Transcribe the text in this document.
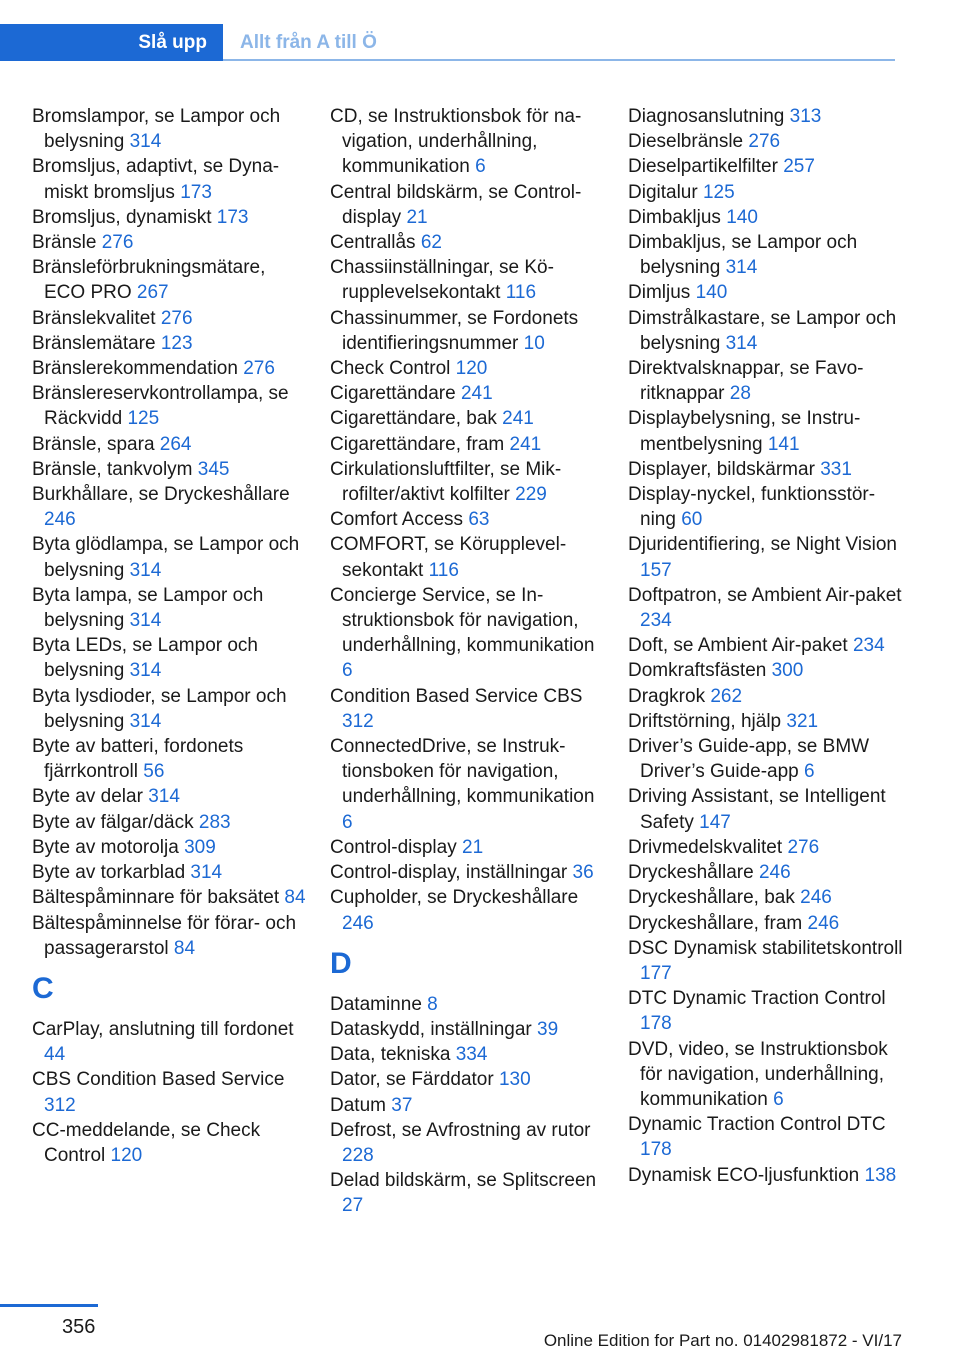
Slå upp	Allt från A till Ö
Bromslampor, se Lampor och belysning 314
Bromsljus, adaptivt, se Dynamiskt bromsljus 173
Bromsljus, dynamiskt 173
Bränsle 276
Bränsleförbrukningsmätare, ECO PRO 267
Bränslekvalitet 276
Bränslemätare 123
Bränslerekommendation 276
Bränslereservkontrollampa, se Räckvidd 125
Bränsle, spara 264
Bränsle, tankvolym 345
Burkhållare, se Dryckeshållare 246
Byta glödlampa, se Lampor och belysning 314
Byta lampa, se Lampor och belysning 314
Byta LEDs, se Lampor och belysning 314
Byta lysdioder, se Lampor och belysning 314
Byte av batteri, fordonets fjärrkontroll 56
Byte av delar 314
Byte av fälgar/däck 283
Byte av motorolja 309
Byte av torkarblad 314
Bältespåminnare för baksätet 84
Bältespåminnelse för förar- och passagerarstol 84
C
CarPlay, anslutning till fordonet 44
CBS Condition Based Service 312
CC-meddelande, se Check Control 120
CD, se Instruktionsbok för navigation, underhållning, kommunikation 6
Central bildskärm, se Control-display 21
Centrallås 62
Chassiinställningar, se Körupplevelsekontakt 116
Chassinummer, se Fordonets identifieringsnummer 10
Check Control 120
Cigarettändare 241
Cigarettändare, bak 241
Cigarettändare, fram 241
Cirkulationsluftfilter, se Mikrofilter/aktivt kolfilter 229
Comfort Access 63
COMFORT, se Körupplevelsekontakt 116
Concierge Service, se Instruktionsbok för navigation, underhållning, kommunikation 6
Condition Based Service CBS 312
ConnectedDrive, se Instruktionsboken för navigation, underhållning, kommunikation 6
Control-display 21
Control-display, inställningar 36
Cupholder, se Dryckeshållare 246
D
Dataminne 8
Dataskydd, inställningar 39
Data, tekniska 334
Dator, se Färddator 130
Datum 37
Defrost, se Avfrostning av rutor 228
Delad bildskärm, se Splitscreen 27
Diagnosanslutning 313
Dieselbränsle 276
Dieselpartikelfilter 257
Digitalur 125
Dimbakljus 140
Dimbakljus, se Lampor och belysning 314
Dimljus 140
Dimstrålkastare, se Lampor och belysning 314
Direktvalsknappar, se Favoritknappar 28
Displaybelysning, se Instrumentbelysning 141
Displayer, bildskärmar 331
Display-nyckel, funktionsstörning 60
Djuridentifiering, se Night Vision 157
Doftpatron, se Ambient Air-paket 234
Doft, se Ambient Air-paket 234
Domkraftsfästen 300
Dragkrok 262
Driftstörning, hjälp 321
Driver’s Guide-app, se BMW Driver’s Guide-app 6
Driving Assistant, se Intelligent Safety 147
Drivmedelskvalitet 276
Dryckeshållare 246
Dryckeshållare, bak 246
Dryckeshållare, fram 246
DSC Dynamisk stabilitetskontroll 177
DTC Dynamic Traction Control 178
DVD, video, se Instruktionsbok för navigation, underhållning, kommunikation 6
Dynamic Traction Control DTC 178
Dynamisk ECO-ljusfunktion 138
356
Online Edition for Part no. 01402981872 - VI/17
